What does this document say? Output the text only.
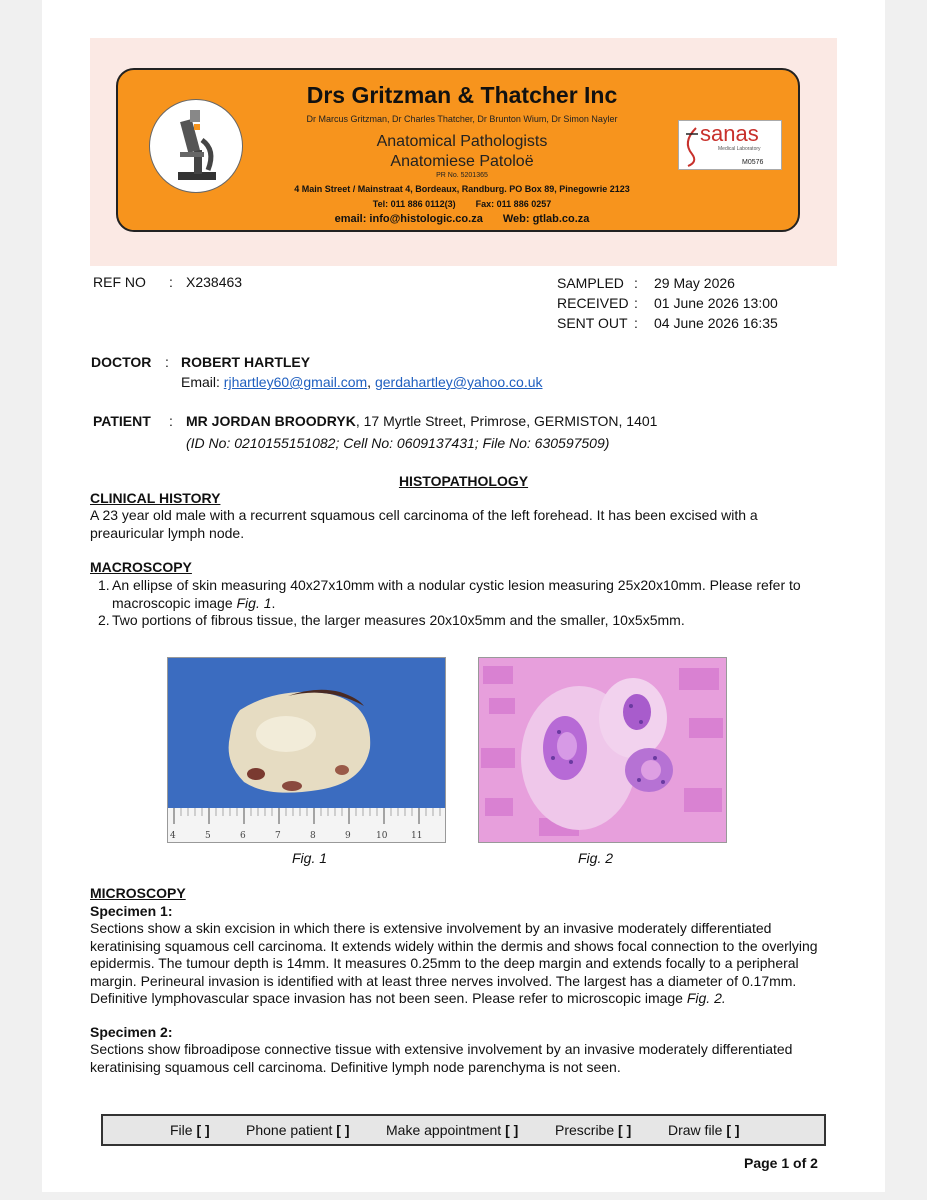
Drs Gritzman & Thatcher Inc
Dr Marcus Gritzman, Dr Charles Thatcher, Dr Brunton Wium, Dr Simon Nayler
Anatomical Pathologists
Anatomiese Patoloë
PR No. 5201365
4 Main Street / Mainstraat 4, Bordeaux, Randburg. PO Box 89, Pinegowrie 2123
Tel: 011 886 0112(3) Fax: 011 886 0257
email: info@histologic.co.za Web: gtlab.co.za
sanas
Medical Laboratory
M0576
REF NO : X238463	SAMPLED : 29 May 2026
RECEIVED : 01 June 2026 13:00
SENT OUT : 04 June 2026 16:35
DOCTOR : ROBERT HARTLEY
Email: rjhartley60@gmail.com, gerdahartley@yahoo.co.uk
PATIENT : MR JORDAN BROODRYK, 17 Myrtle Street, Primrose, GERMISTON, 1401
(ID No: 0210155151082; Cell No: 0609137431; File No: 630597509)
HISTOPATHOLOGY
CLINICAL HISTORY
A 23 year old male with a recurrent squamous cell carcinoma of the left forehead. It has been excised with a preauricular lymph node.
MACROSCOPY
1. An ellipse of skin measuring 40x27x10mm with a nodular cystic lesion measuring 25x20x10mm. Please refer to macroscopic image Fig. 1.
2. Two portions of fibrous tissue, the larger measures 20x10x5mm and the smaller, 10x5x5mm.
4	5	6	7	8	9	10	11
Fig. 1	Fig. 2
MICROSCOPY
Specimen 1:
Sections show a skin excision in which there is extensive involvement by an invasive moderately differentiated keratinising squamous cell carcinoma. It extends widely within the dermis and shows focal connection to the overlying epidermis. The tumour depth is 14mm. It measures 0.25mm to the deep margin and extends focally to a peripheral margin. Perineural invasion is identified with at least three nerves involved. The largest has a diameter of 0.17mm. Definitive lymphovascular space invasion has not been seen. Please refer to microscopic image Fig. 2.
Specimen 2:
Sections show fibroadipose connective tissue with extensive involvement by an invasive moderately differentiated keratinising squamous cell carcinoma. Definitive lymph node parenchyma is not seen.
File [ ]	Phone patient [ ]	Make appointment [ ]	Prescribe [ ]	Draw file [ ]
Page 1 of 2
